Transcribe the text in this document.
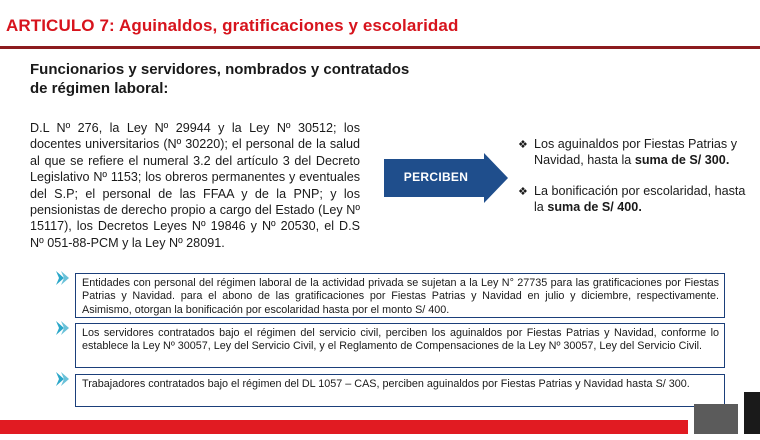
ARTICULO 7: Aguinaldos, gratificaciones y escolaridad
Funcionarios y servidores, nombrados y contratados de régimen laboral:
D.L Nº 276, la Ley Nº 29944 y la Ley Nº 30512; los docentes universitarios (Nº 30220); el personal de la salud al que se refiere el numeral 3.2 del artículo 3 del Decreto Legislativo Nº 1153; los obreros permanentes y eventuales del S.P; el personal de las FFAA y de la PNP; y los pensionistas de derecho propio a cargo del Estado (Ley Nº 15117), los Decretos Leyes Nº 19846 y Nº 20530, el D.S Nº 051-88-PCM y la Ley Nº 28091.
PERCIBEN
❖ Los aguinaldos por Fiestas Patrias y Navidad, hasta la suma de S/ 300.
❖ La bonificación por escolaridad, hasta la suma de S/ 400.
Entidades con personal del régimen laboral de la actividad privada se sujetan a la Ley N° 27735 para las gratificaciones por Fiestas Patrias y Navidad. para el abono de las gratificaciones por Fiestas Patrias y Navidad en julio y diciembre, respectivamente. Asimismo, otorgan la bonificación por escolaridad hasta por el monto S/ 400.
Los servidores contratados bajo el régimen del servicio civil, perciben los aguinaldos por Fiestas Patrias y Navidad, conforme lo establece la Ley Nº 30057, Ley del Servicio Civil, y el Reglamento de Compensaciones de la Ley Nº 30057, Ley del Servicio Civil.
Trabajadores contratados bajo el régimen del DL 1057 – CAS, perciben aguinaldos por Fiestas Patrias y Navidad hasta S/ 300.
